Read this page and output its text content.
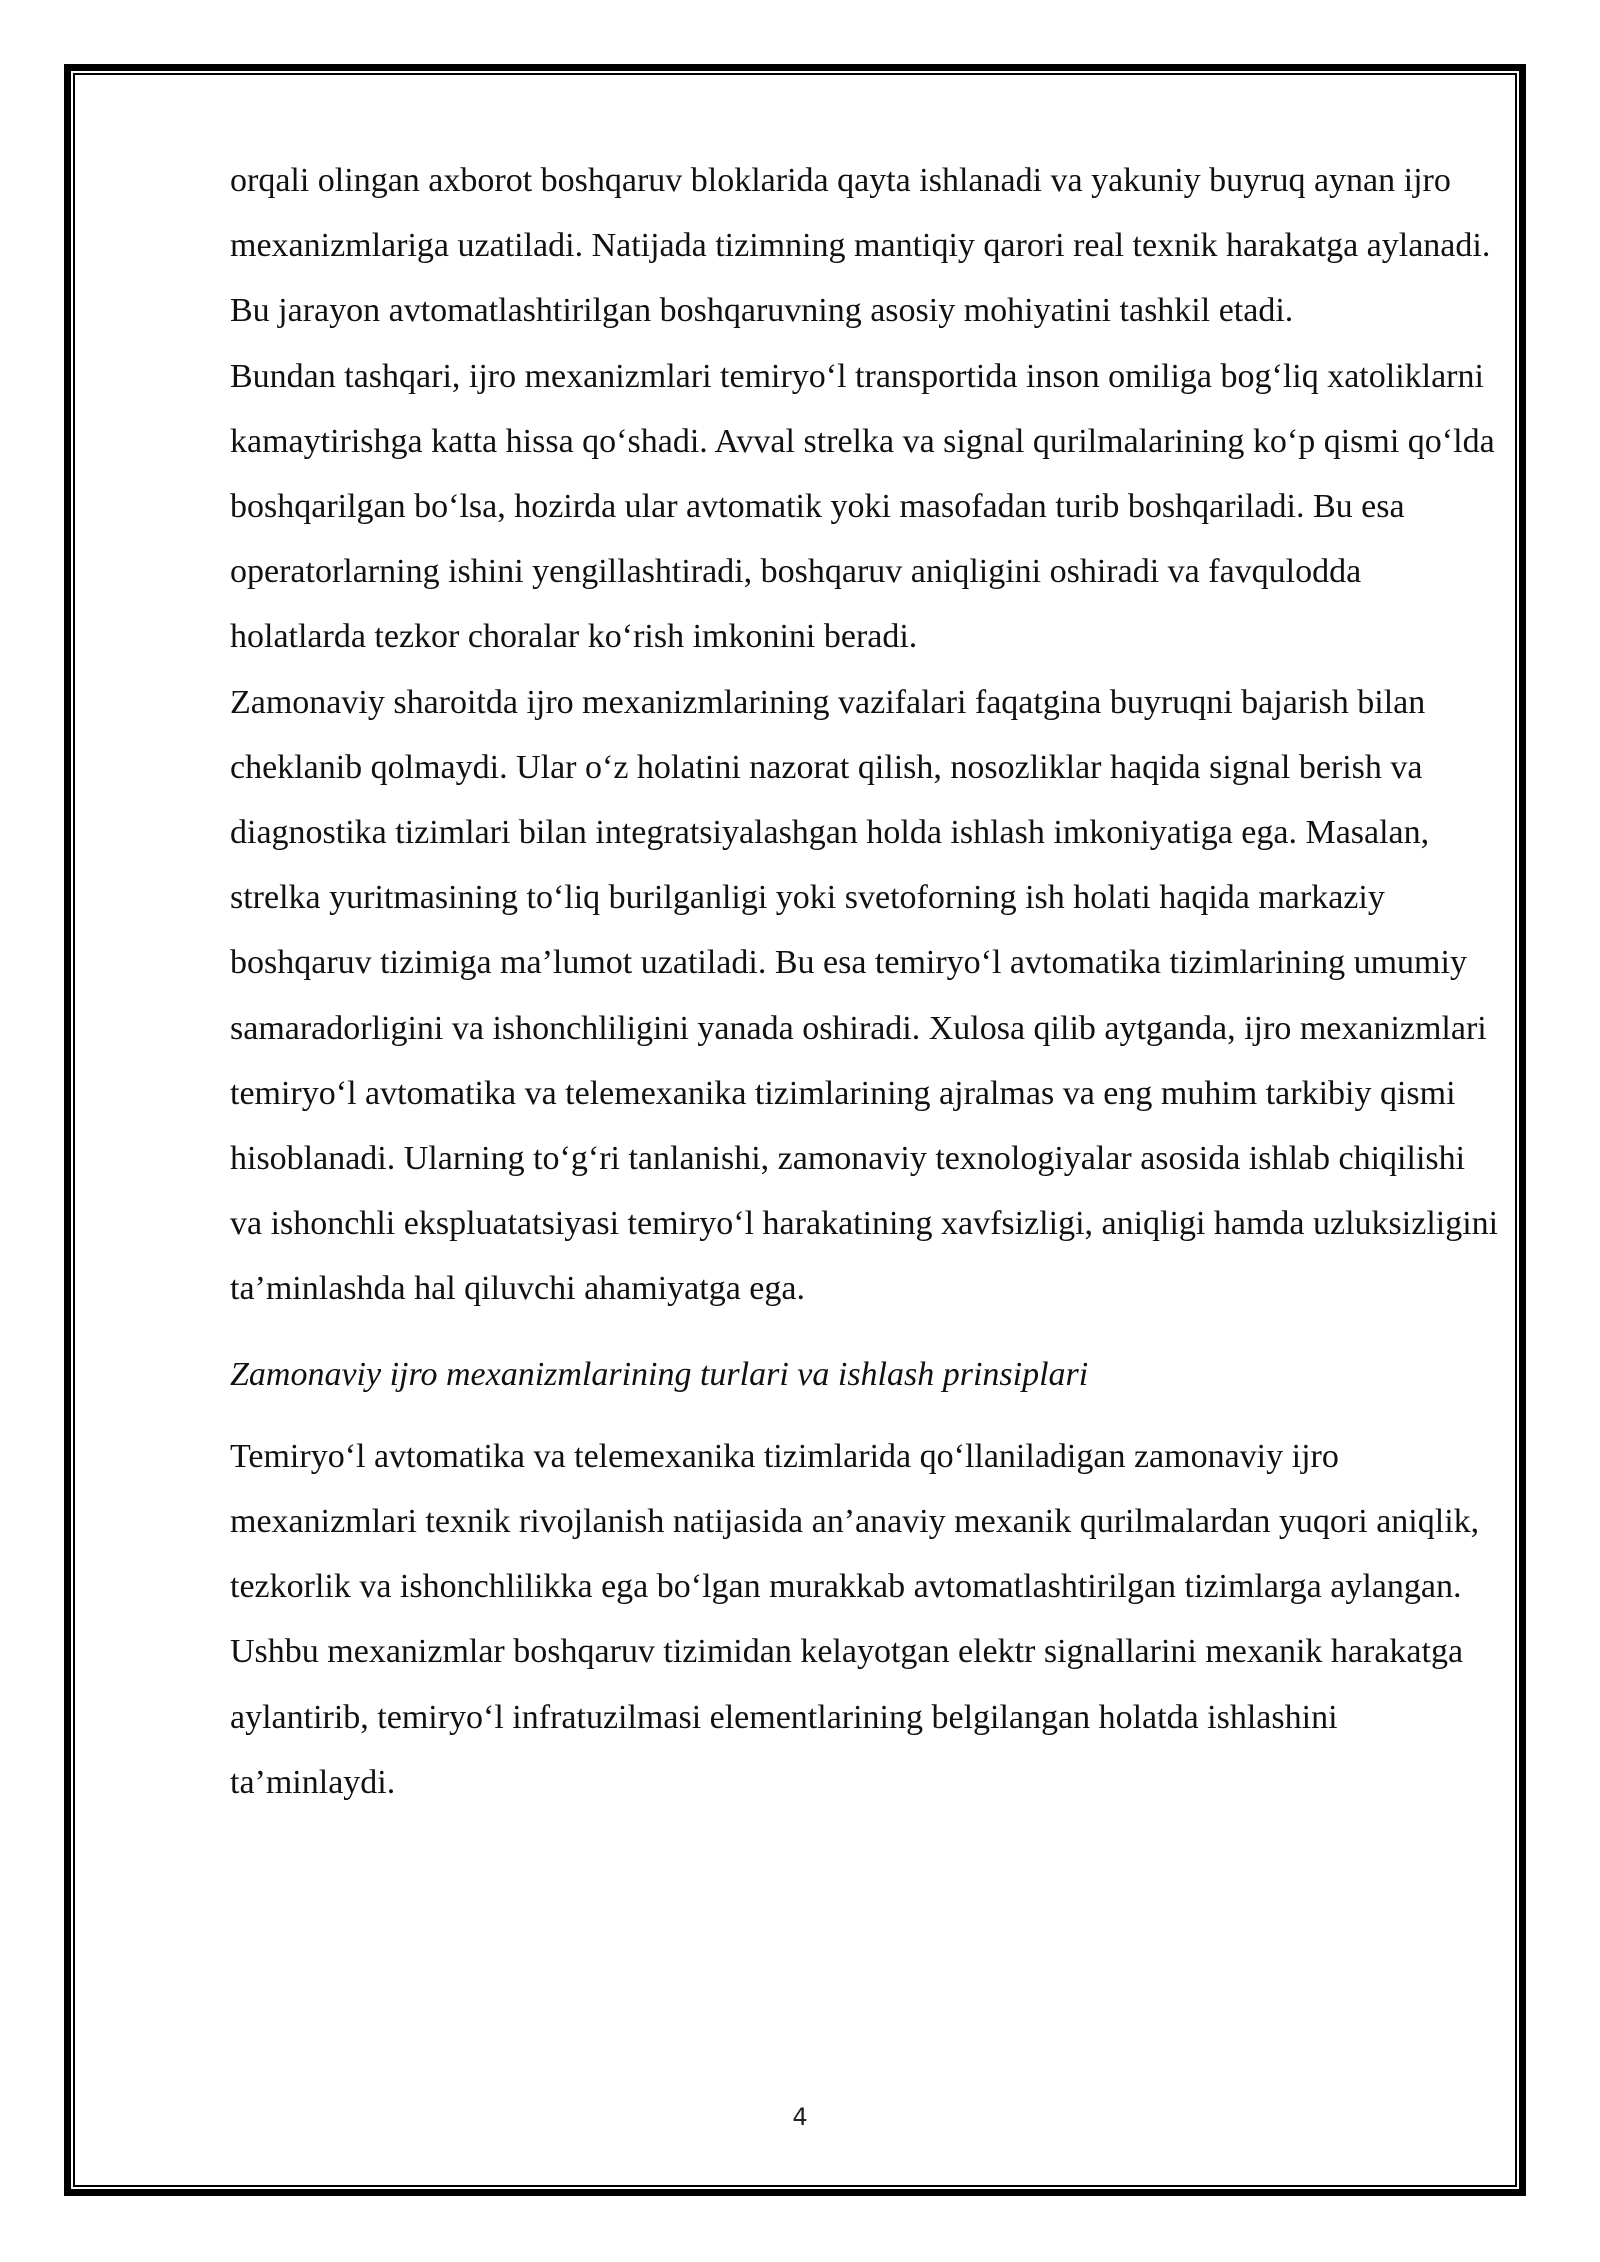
orqali olingan axborot boshqaruv bloklarida qayta ishlanadi va yakuniy buyruq aynan ijro mexanizmlariga uzatiladi. Natijada tizimning mantiqiy qarori real texnik harakatga aylanadi. Bu jarayon avtomatlashtirilgan boshqaruvning asosiy mohiyatini tashkil etadi.

Bundan tashqari, ijro mexanizmlari temiryo‘l transportida inson omiliga bog‘liq xatoliklarni kamaytirishga katta hissa qo‘shadi. Avval strelka va signal qurilmalarining ko‘p qismi qo‘lda boshqarilgan bo‘lsa, hozirda ular avtomatik yoki masofadan turib boshqariladi. Bu esa operatorlarning ishini yengillashtiradi, boshqaruv aniqligini oshiradi va favqulodda holatlarda tezkor choralar ko‘rish imkonini beradi.

Zamonaviy sharoitda ijro mexanizmlarining vazifalari faqatgina buyruqni bajarish bilan cheklanib qolmaydi. Ular o‘z holatini nazorat qilish, nosozliklar haqida signal berish va diagnostika tizimlari bilan integratsiyalashgan holda ishlash imkoniyatiga ega. Masalan, strelka yuritmasining to‘liq burilganligi yoki svetoforning ish holati haqida markaziy boshqaruv tizimiga ma’lumot uzatiladi. Bu esa temiryo‘l avtomatika tizimlarining umumiy samaradorligini va ishonchliligini yanada oshiradi. Xulosa qilib aytganda, ijro mexanizmlari temiryo‘l avtomatika va telemexanika tizimlarining ajralmas va eng muhim tarkibiy qismi hisoblanadi. Ularning to‘g‘ri tanlanishi, zamonaviy texnologiyalar asosida ishlab chiqilishi va ishonchli ekspluatatsiyasi temiryo‘l harakatining xavfsizligi, aniqligi hamda uzluksizligini ta’minlashda hal qiluvchi ahamiyatga ega.

Zamonaviy ijro mexanizmlarining turlari va ishlash prinsiplari

Temiryo‘l avtomatika va telemexanika tizimlarida qo‘llaniladigan zamonaviy ijro mexanizmlari texnik rivojlanish natijasida an’anaviy mexanik qurilmalardan yuqori aniqlik, tezkorlik va ishonchlilikka ega bo‘lgan murakkab avtomatlashtirilgan tizimlarga aylangan. Ushbu mexanizmlar boshqaruv tizimidan kelayotgan elektr signallarini mexanik harakatga aylantirib, temiryo‘l infratuzilmasi elementlarining belgilangan holatda ishlashini ta’minlaydi.

4
